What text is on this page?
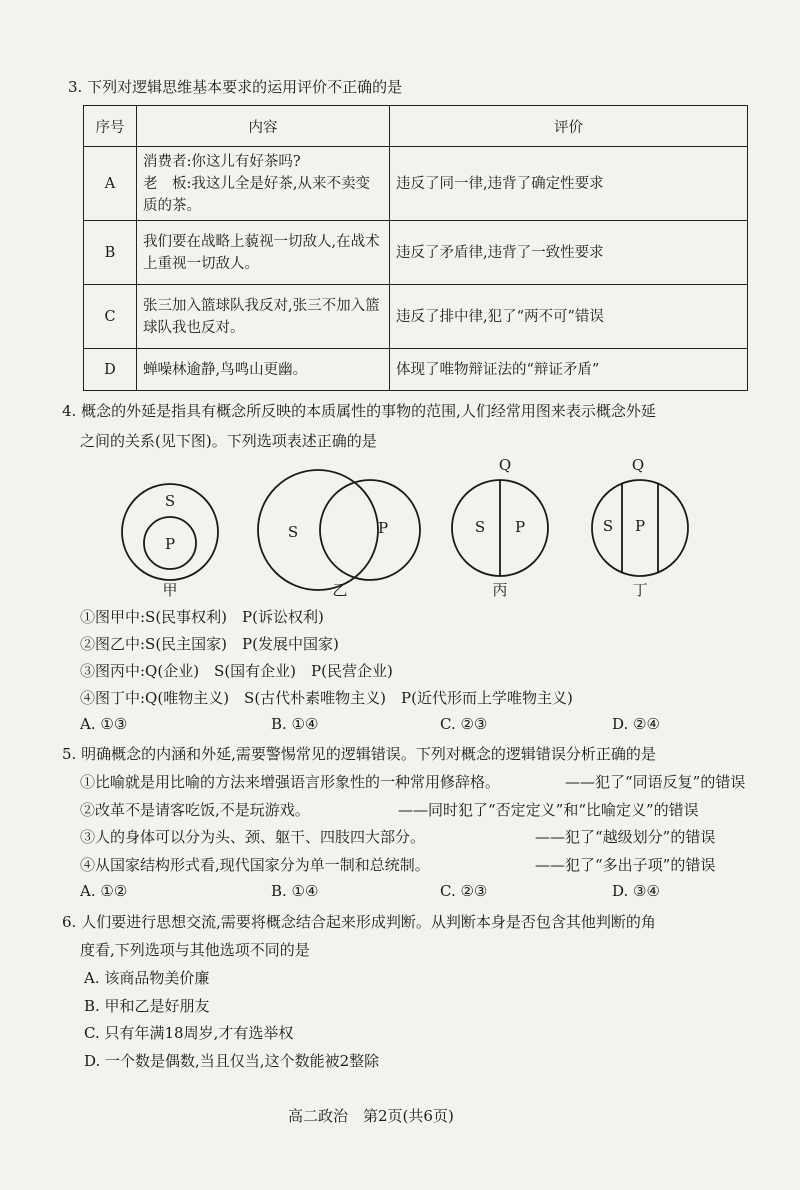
3. 下列对逻辑思维基本要求的运用评价不正确的是
序号	内容	评价
A	消费者:你这儿有好茶吗?
老　板:我这儿全是好茶,从来不卖变质的茶。	违反了同一律,违背了确定性要求
B	我们要在战略上藐视一切敌人,在战术上重视一切敌人。	违反了矛盾律,违背了一致性要求
C	张三加入篮球队我反对,张三不加入篮球队我也反对。	违反了排中律,犯了“两不可”错误
D	蝉噪林逾静,鸟鸣山更幽。	体现了唯物辩证法的“辩证矛盾”
4. 概念的外延是指具有概念所反映的本质属性的事物的范围,人们经常用图来表示概念外延
之间的关系(见下图)。下列选项表述正确的是
S
P
S	P
Q
S P
Q
S P
甲	乙	丙	丁
①图甲中:S(民事权利)　P(诉讼权利)
②图乙中:S(民主国家)　P(发展中国家)
③图丙中:Q(企业)　S(国有企业)　P(民营企业)
④图丁中:Q(唯物主义)　S(古代朴素唯物主义)　P(近代形而上学唯物主义)
A. ①③	B. ①④	C. ②③	D. ②④
5. 明确概念的内涵和外延,需要警惕常见的逻辑错误。下列对概念的逻辑错误分析正确的是
①比喻就是用比喻的方法来增强语言形象性的一种常用修辞格。	——犯了“同语反复”的错误
②改革不是请客吃饭,不是玩游戏。	——同时犯了“否定定义”和“比喻定义”的错误
③人的身体可以分为头、颈、躯干、四肢四大部分。	——犯了“越级划分”的错误
④从国家结构形式看,现代国家分为单一制和总统制。	——犯了“多出子项”的错误
A. ①②	B. ①④	C. ②③	D. ③④
6. 人们要进行思想交流,需要将概念结合起来形成判断。从判断本身是否包含其他判断的角
度看,下列选项与其他选项不同的是
A. 该商品物美价廉
B. 甲和乙是好朋友
C. 只有年满18周岁,才有选举权
D. 一个数是偶数,当且仅当,这个数能被2整除
高二政治　第2页(共6页)
